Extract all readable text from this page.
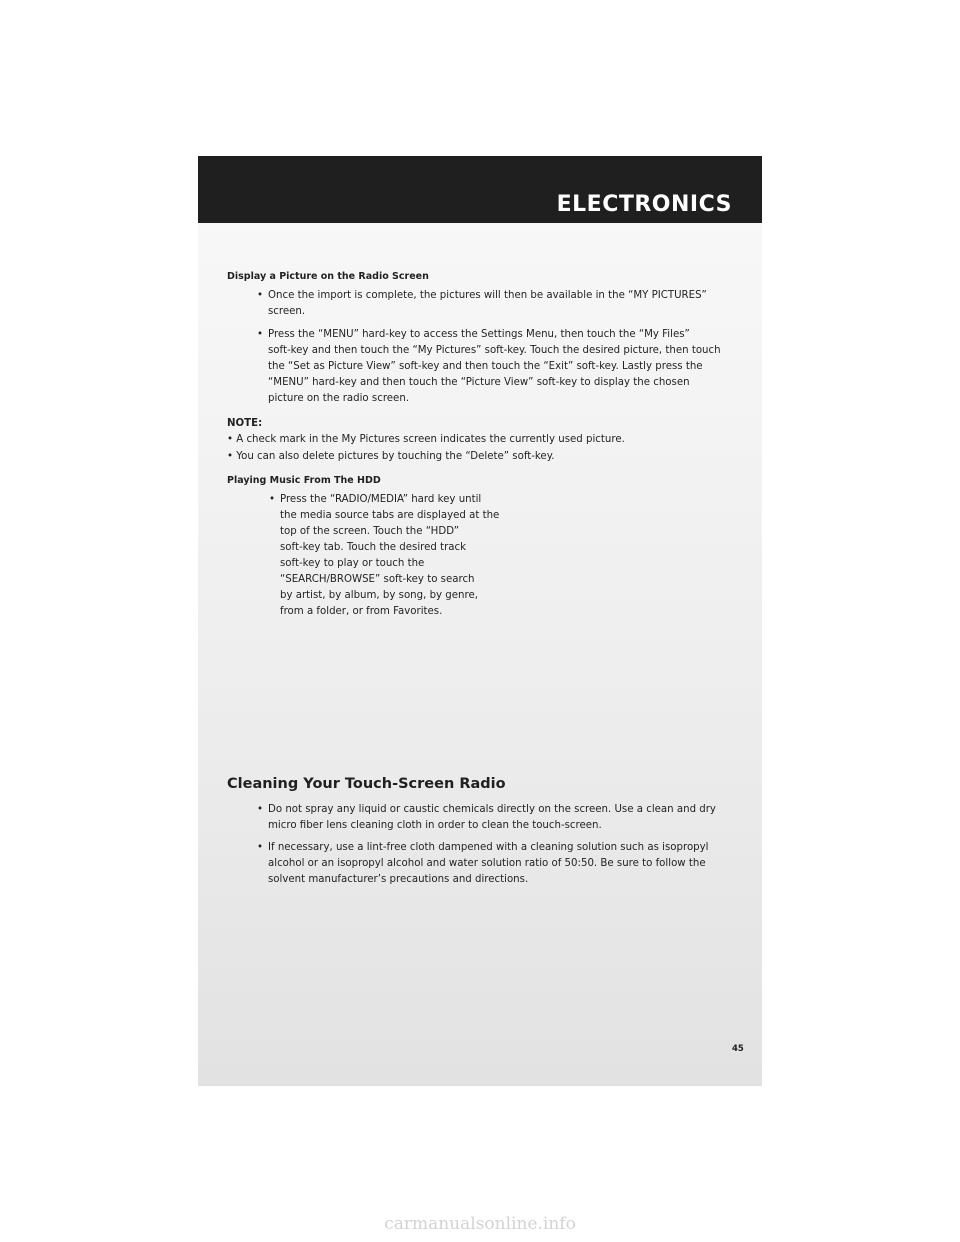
ELECTRONICS
Display a Picture on the Radio Screen
• Once the import is complete, the pictures will then be available in the “MY PICTURES”
screen.
• Press the “MENU” hard-key to access the Settings Menu, then touch the “My Files”
soft-key and then touch the “My Pictures” soft-key. Touch the desired picture, then touch
the “Set as Picture View” soft-key and then touch the “Exit” soft-key. Lastly press the
“MENU” hard-key and then touch the “Picture View” soft-key to display the chosen
picture on the radio screen.
NOTE:
• A check mark in the My Pictures screen indicates the currently used picture.
• You can also delete pictures by touching the “Delete” soft-key.
Playing Music From The HDD
• Press the “RADIO/MEDIA” hard key until
the media source tabs are displayed at the
top of the screen. Touch the “HDD”
soft-key tab. Touch the desired track
soft-key to play or touch the
“SEARCH/BROWSE” soft-key to search
by artist, by album, by song, by genre,
from a folder, or from Favorites.
Cleaning Your Touch-Screen Radio
• Do not spray any liquid or caustic chemicals directly on the screen. Use a clean and dry
micro fiber lens cleaning cloth in order to clean the touch-screen.
• If necessary, use a lint-free cloth dampened with a cleaning solution such as isopropyl
alcohol or an isopropyl alcohol and water solution ratio of 50:50. Be sure to follow the
solvent manufacturer’s precautions and directions.
45
carmanualsonline.info
